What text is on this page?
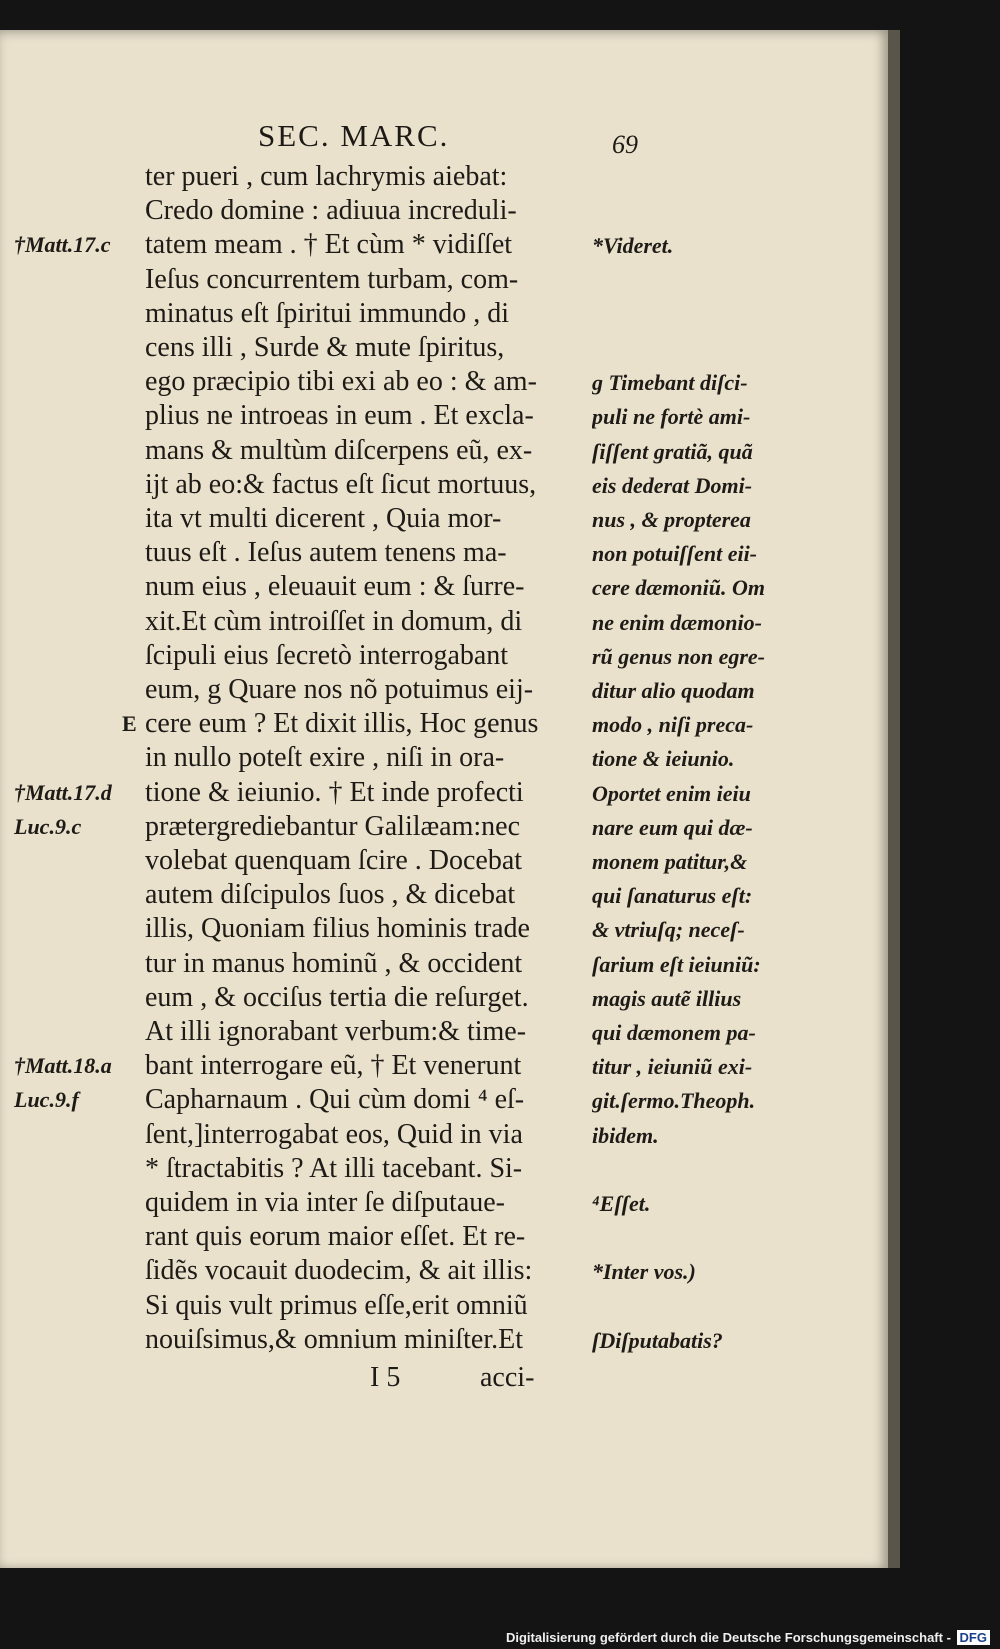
SEC. MARC.	69
ter pueri , cum lachrymis aiebat:
Credo domine : adiuua increduli-
tatem meam . † Et cùm * vidiſſet
Ieſus concurrentem turbam, com-
minatus eſt ſpiritui immundo , di
cens illi , Surde & mute ſpiritus,
ego præcipio tibi exi ab eo : & am-
plius ne introeas in eum . Et excla-
mans & multùm diſcerpens eũ, ex-
ijt ab eo:& factus eſt ſicut mortuus,
ita vt multi dicerent , Quia mor-
tuus eſt . Ieſus autem tenens ma-
num eius , eleuauit eum : & ſurre-
xit.Et cùm introiſſet in domum, di
ſcipuli eius ſecretò interrogabant
eum, g Quare nos nõ potuimus eij-
cere eum ? Et dixit illis, Hoc genus
in nullo poteſt exire , niſi in ora-
tione & ieiunio. † Et inde profecti
prætergrediebantur Galilæam:nec
volebat quenquam ſcire . Docebat
autem diſcipulos ſuos , & dicebat
illis, Quoniam filius hominis trade
tur in manus hominũ , & occident
eum , & occiſus tertia die reſurget.
At illi ignorabant verbum:& time-
bant interrogare eũ, † Et venerunt
Capharnaum . Qui cùm domi ⁴ eſ-
ſent,]interrogabat eos, Quid in via
* ſtractabitis ? At illi tacebant. Si-
quidem in via inter ſe diſputaue-
rant quis eorum maior eſſet. Et re-
ſidẽs vocauit duodecim, & ait illis:
Si quis vult primus eſſe,erit omniũ
nouiſsimus,& omnium miniſter.Et
†Matt.17.c
E
†Matt.17.d
Luc.9.c
†Matt.18.a
Luc.9.f
*Videret.
g Timebant diſci-
puli ne fortè ami-
ſiſſent gratiã, quã
eis dederat Domi-
nus , & propterea
non potuiſſent eii-
cere dæmoniũ. Om
ne enim dæmonio-
rũ genus non egre-
ditur alio quodam
modo , niſi preca-
tione & ieiunio.
Oportet enim ieiu
nare eum qui dæ-
monem patitur,&
qui ſanaturus eſt:
& vtriuſq; neceſ-
ſarium eſt ieiuniũ:
magis autẽ illius
qui dæmonem pa-
titur , ieiuniũ exi-
git.ſermo.Theoph.
ibidem.
⁴Eſſet.
*Inter vos.)
ſDiſputabatis?
I 5	acci-
Digitalisierung gefördert durch die Deutsche Forschungsgemeinschaft - DFG
